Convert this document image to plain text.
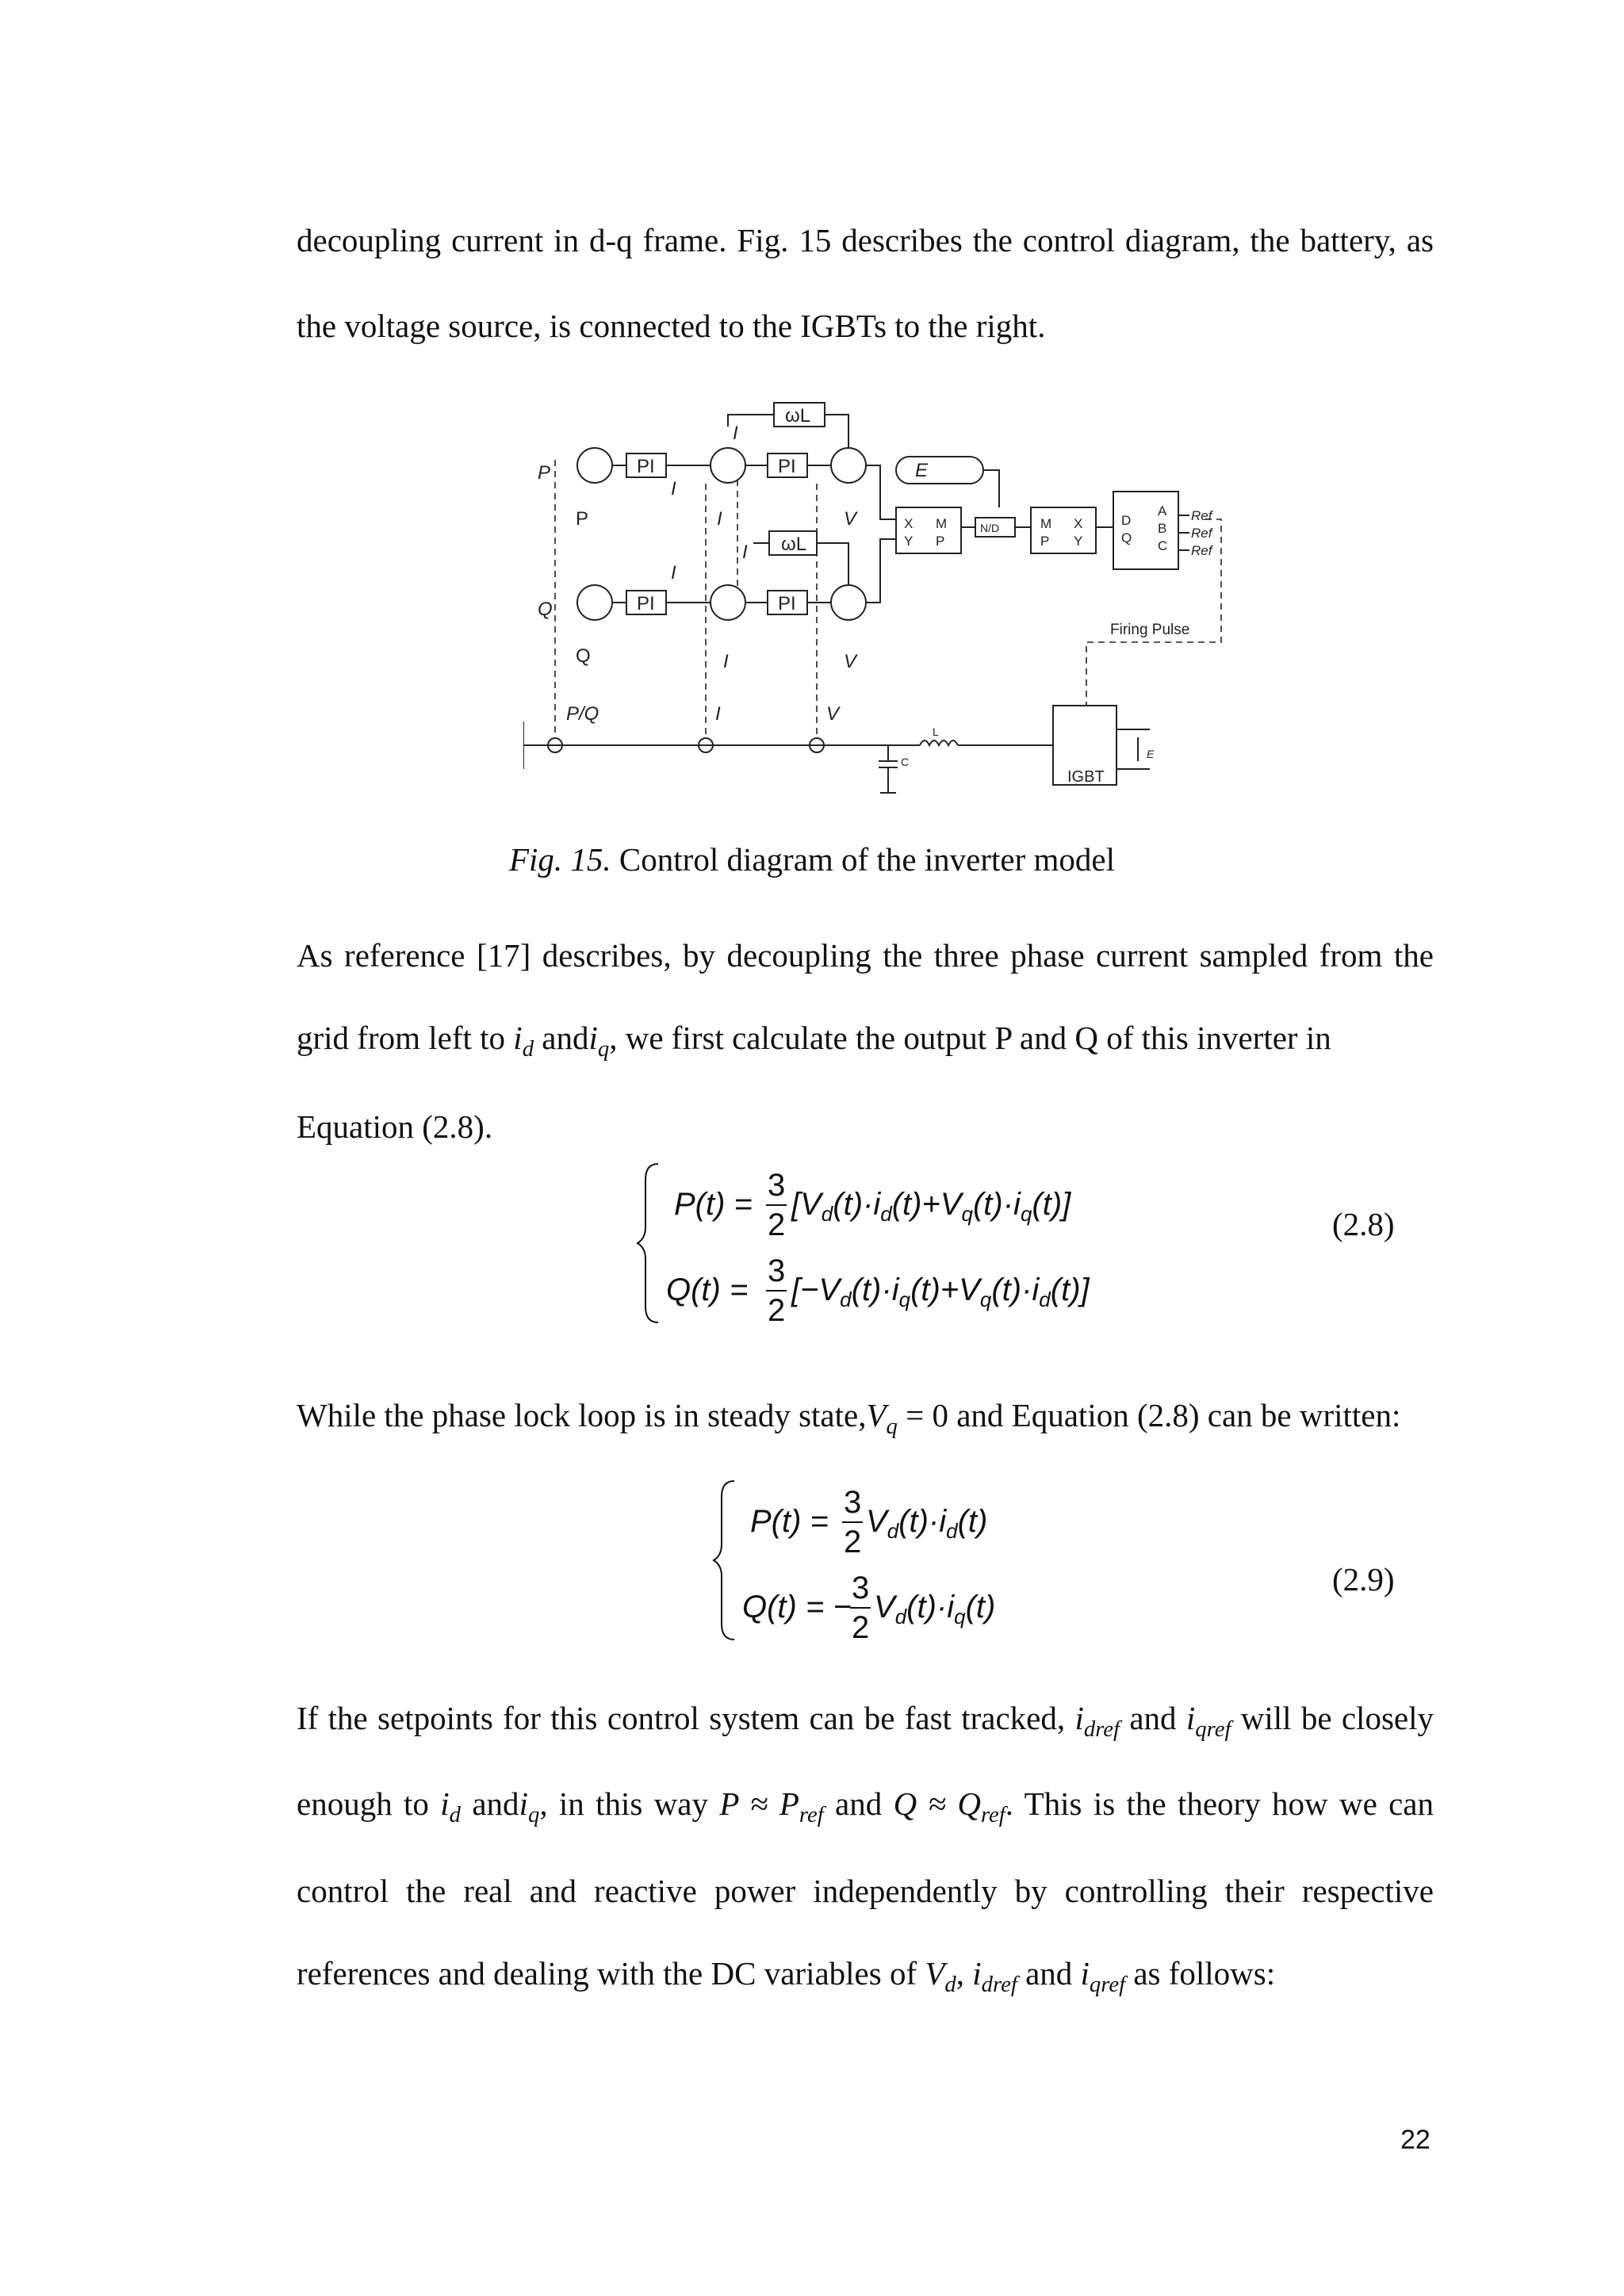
decoupling current in d-q frame. Fig. 15 describes the control diagram, the battery, as
the voltage source, is connected to the IGBTs to the right.
ωL
I
PI	PI
PI	PI
ωL
E
P
Q
P
Q
I
I
I
I
V
V
I
P/Q	I	V
IGBT
X M
Y P
N/D	M X
P Y
D
Q
A
B
C
Ref
Ref
Ref
Firing Pulse
L
C
E
Fig. 15. Control diagram of the inverter model
As reference [17] describes, by decoupling the three phase current sampled from the
grid from left to $i_d$ andi$_q$, we first calculate the output P and Q of this inverter in
Equation (2.8).
P(t) =
3
2
$[V_d(t)\cdot i_d(t)+V_q(t)\cdot i_q(t)]$
Q(t) =
3
2
$[-V_d(t)\cdot i_q(t)+V_q(t)\cdot i_d(t)]$
(2.8)
While the phase lock loop is in steady $state,V_q = 0$ and Equation (2.8) can be written:
P(t) =
3
2
$V_d(t)\cdot i_d(t)$
Q(t) = −
3
2
$V_d(t)\cdot i_q(t)$
(2.9)
If the setpoints for this control system can be fast tracked, $i_{dref}$ and $i_{qref}$ will be closely
enough to $i_d$ andi$_q$, in this way $P \approx P_{ref}$ and $Q \approx Q_{ref}$. This is the theory how we can
control the real and reactive power independently by controlling their respective
references and dealing with the DC variables of $V_d$, $i_{dref}$ and $i_{qref}$ as follows:
22
